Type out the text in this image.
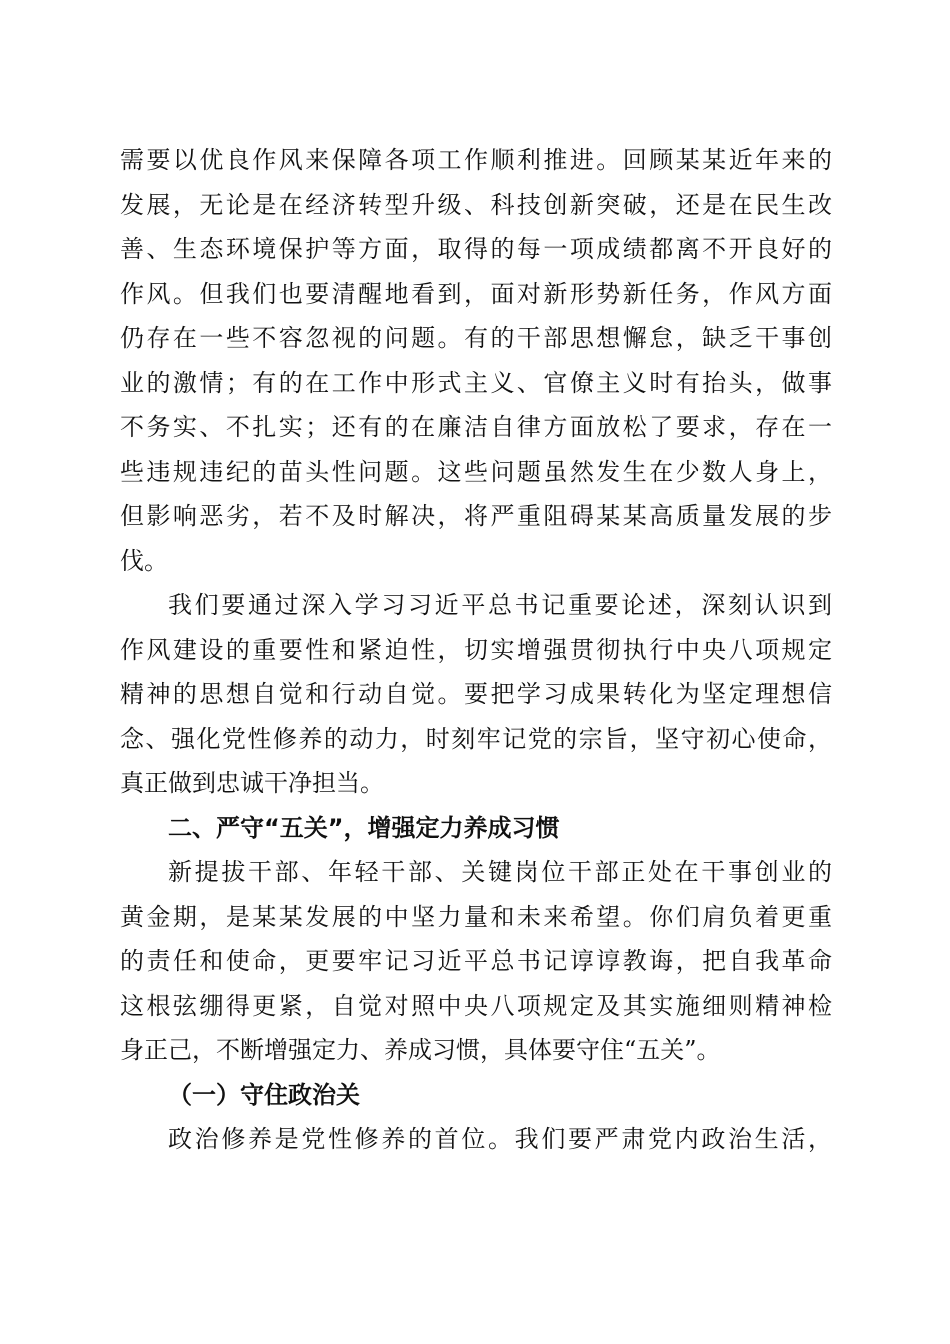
需要以优良作风来保障各项工作顺利推进。回顾某某近年来的
发展，无论是在经济转型升级、科技创新突破，还是在民生改
善、生态环境保护等方面，取得的每一项成绩都离不开良好的
作风。但我们也要清醒地看到，面对新形势新任务，作风方面
仍存在一些不容忽视的问题。有的干部思想懈怠，缺乏干事创
业的激情；有的在工作中形式主义、官僚主义时有抬头，做事
不务实、不扎实；还有的在廉洁自律方面放松了要求，存在一
些违规违纪的苗头性问题。这些问题虽然发生在少数人身上，
但影响恶劣，若不及时解决，将严重阻碍某某高质量发展的步
伐。
我们要通过深入学习习近平总书记重要论述，深刻认识到
作风建设的重要性和紧迫性，切实增强贯彻执行中央八项规定
精神的思想自觉和行动自觉。要把学习成果转化为坚定理想信
念、强化党性修养的动力，时刻牢记党的宗旨，坚守初心使命，
真正做到忠诚干净担当。
二、严守“五关”，增强定力养成习惯
新提拔干部、年轻干部、关键岗位干部正处在干事创业的
黄金期，是某某发展的中坚力量和未来希望。你们肩负着更重
的责任和使命，更要牢记习近平总书记谆谆教诲，把自我革命
这根弦绷得更紧，自觉对照中央八项规定及其实施细则精神检
身正己，不断增强定力、养成习惯，具体要守住“五关”。
（一）守住政治关
政治修养是党性修养的首位。我们要严肃党内政治生活，
